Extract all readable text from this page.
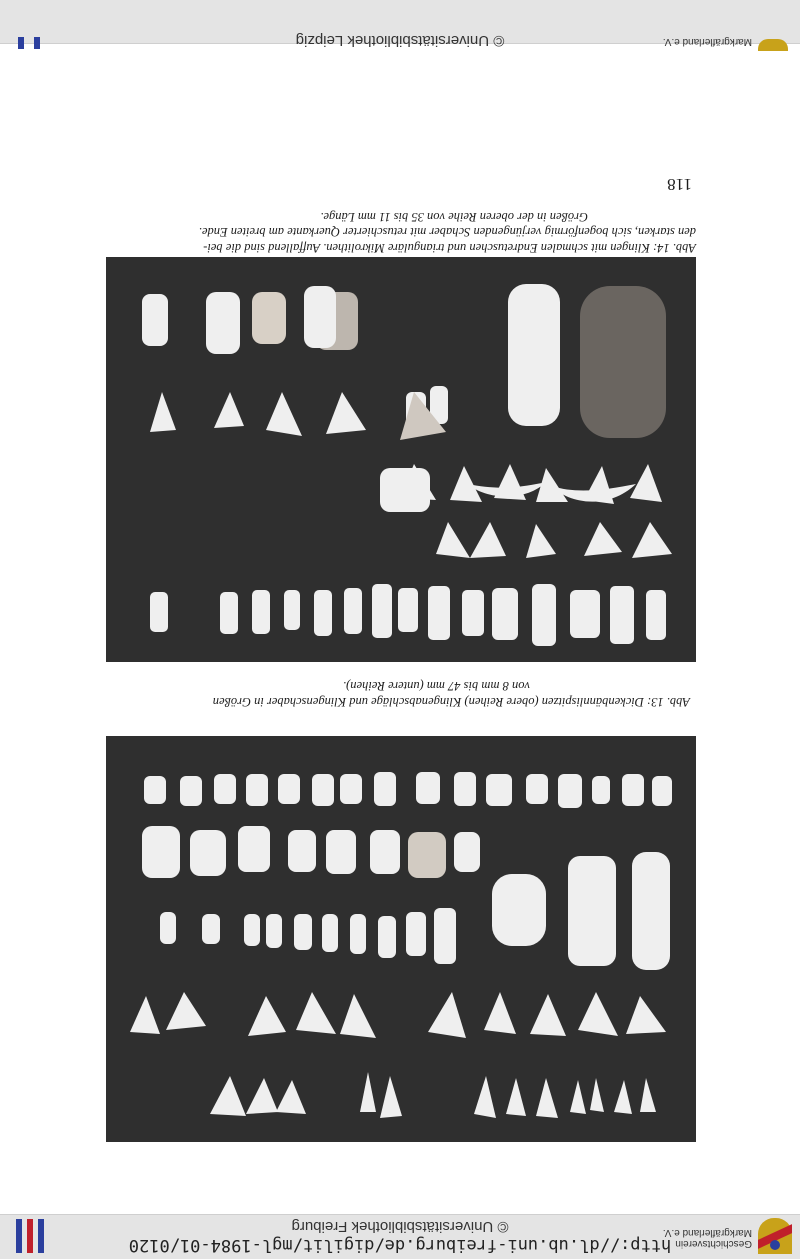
http://dl.ub.uni-freiburg.de/digilit/mgl-1984-01/0120
© Universitätsbibliothek Freiburg
Geschichtsverein
Markgräflerland e.V.
118
Abb. 14: Klingen mit schmalen Endretuschen und trianguläre Mikrolithen. Auffallend sind die bei-
den starken, sich bogenförmig verjüngenden Schaber mit retuschierter Querkante am breiten Ende.
Größen in der oberen Reihe von 35 bis 11 mm Länge.
Abb. 13: Dickenbännlispitzen (obere Reihen) Klingenabschläge und Klingenschaber in Größen
von 8 mm bis 47 mm (untere Reihen).
© Universitätsbibliothek Leipzig	Markgräflerland e.V.
